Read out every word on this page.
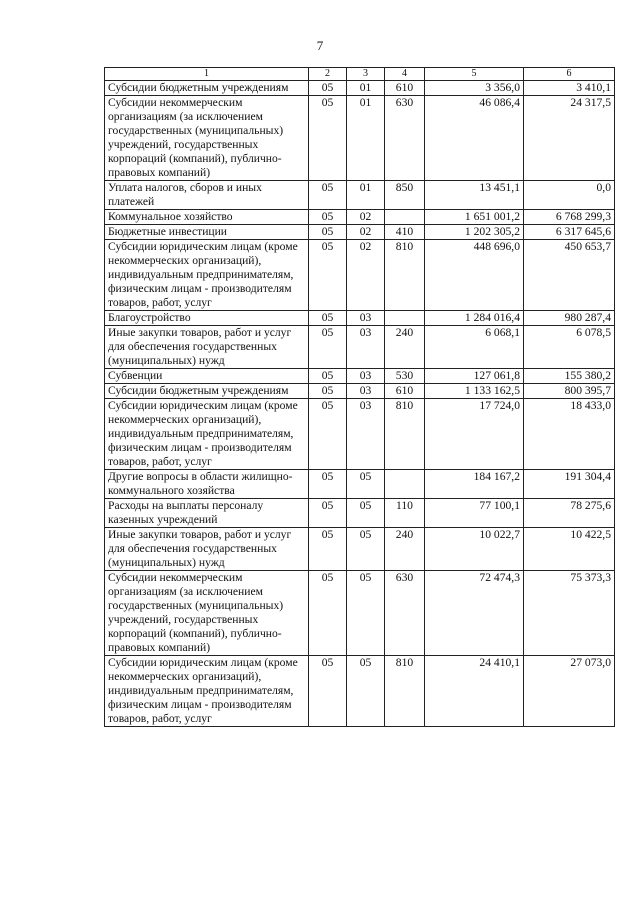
7
1	2	3	4	5	6
Субсидии бюджетным учреждениям	05	01	610	3 356,0	3 410,1
Субсидии некоммерческим организациям (за исключением государственных (муниципальных) учреждений, государственных корпораций (компаний), публично-правовых компаний)	05	01	630	46 086,4	24 317,5
Уплата налогов, сборов и иных платежей	05	01	850	13 451,1	0,0
Коммунальное хозяйство	05	02		1 651 001,2	6 768 299,3
Бюджетные инвестиции	05	02	410	1 202 305,2	6 317 645,6
Субсидии юридическим лицам (кроме некоммерческих организаций), индивидуальным предпринимателям, физическим лицам - производителям товаров, работ, услуг	05	02	810	448 696,0	450 653,7
Благоустройство	05	03		1 284 016,4	980 287,4
Иные закупки товаров, работ и услуг для обеспечения государственных (муниципальных) нужд	05	03	240	6 068,1	6 078,5
Субвенции	05	03	530	127 061,8	155 380,2
Субсидии бюджетным учреждениям	05	03	610	1 133 162,5	800 395,7
Субсидии юридическим лицам (кроме некоммерческих организаций), индивидуальным предпринимателям, физическим лицам - производителям товаров, работ, услуг	05	03	810	17 724,0	18 433,0
Другие вопросы в области жилищно-коммунального хозяйства	05	05		184 167,2	191 304,4
Расходы на выплаты персоналу казенных учреждений	05	05	110	77 100,1	78 275,6
Иные закупки товаров, работ и услуг для обеспечения государственных (муниципальных) нужд	05	05	240	10 022,7	10 422,5
Субсидии некоммерческим организациям (за исключением государственных (муниципальных) учреждений, государственных корпораций (компаний), публично-правовых компаний)	05	05	630	72 474,3	75 373,3
Субсидии юридическим лицам (кроме некоммерческих организаций), индивидуальным предпринимателям, физическим лицам - производителям товаров, работ, услуг	05	05	810	24 410,1	27 073,0
